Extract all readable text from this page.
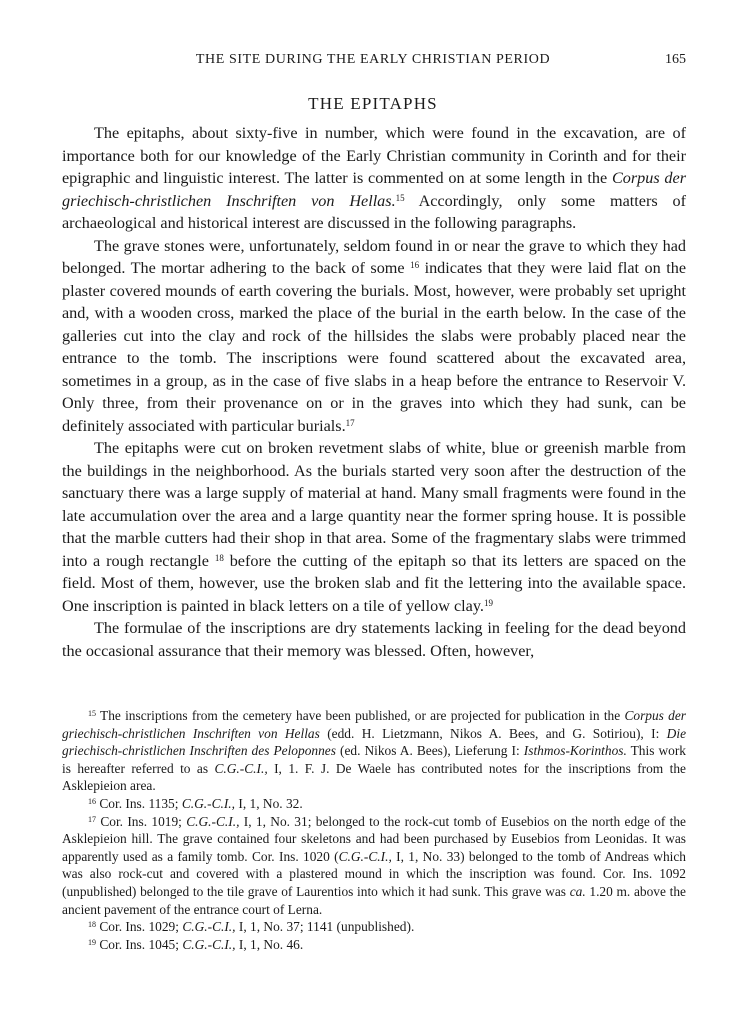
THE SITE DURING THE EARLY CHRISTIAN PERIOD	165
THE EPITAPHS

The epitaphs, about sixty-five in number, which were found in the excavation, are of importance both for our knowledge of the Early Christian community in Corinth and for their epigraphic and linguistic interest. The latter is commented on at some length in the Corpus der griechisch-christlichen Inschriften von Hellas.$^{15}$ Accordingly, only some matters of archaeological and historical interest are discussed in the following paragraphs.

The grave stones were, unfortunately, seldom found in or near the grave to which they had belonged. The mortar adhering to the back of some $^{16}$ indicates that they were laid flat on the plaster covered mounds of earth covering the burials. Most, however, were probably set upright and, with a wooden cross, marked the place of the burial in the earth below. In the case of the galleries cut into the clay and rock of the hillsides the slabs were probably placed near the entrance to the tomb. The inscriptions were found scattered about the excavated area, sometimes in a group, as in the case of five slabs in a heap before the entrance to Reservoir V. Only three, from their provenance on or in the graves into which they had sunk, can be definitely associated with particular burials.$^{17}$

The epitaphs were cut on broken revetment slabs of white, blue or greenish marble from the buildings in the neighborhood. As the burials started very soon after the destruction of the sanctuary there was a large supply of material at hand. Many small fragments were found in the late accumulation over the area and a large quantity near the former spring house. It is possible that the marble cutters had their shop in that area. Some of the fragmentary slabs were trimmed into a rough rectangle $^{18}$ before the cutting of the epitaph so that its letters are spaced on the field. Most of them, however, use the broken slab and fit the lettering into the available space. One inscription is painted in black letters on a tile of yellow clay.$^{19}$

The formulae of the inscriptions are dry statements lacking in feeling for the dead beyond the occasional assurance that their memory was blessed. Often, however,

$^{15}$ The inscriptions from the cemetery have been published, or are projected for publication in the Corpus der griechisch-christlichen Inschriften von Hellas (edd. H. Lietzmann, Nikos A. Bees, and G. Sotiriou), I: Die griechisch-christlichen Inschriften des Peloponnes (ed. Nikos A. Bees), Lieferung I: Isthmos-Korinthos. This work is hereafter referred to as C.G.-C.I., I, 1. F. J. De Waele has contributed notes for the inscriptions from the Asklepieion area.

$^{16}$ Cor. Ins. 1135; C.G.-C.I., I, 1, No. 32.

$^{17}$ Cor. Ins. 1019; C.G.-C.I., I, 1, No. 31; belonged to the rock-cut tomb of Eusebios on the north edge of the Asklepieion hill. The grave contained four skeletons and had been purchased by Eusebios from Leonidas. It was apparently used as a family tomb. Cor. Ins. 1020 (C.G.-C.I., I, 1, No. 33) belonged to the tomb of Andreas which was also rock-cut and covered with a plastered mound in which the inscription was found. Cor. Ins. 1092 (unpublished) belonged to the tile grave of Laurentios into which it had sunk. This grave was ca. 1.20 m. above the ancient pavement of the entrance court of Lerna.

$^{18}$ Cor. Ins. 1029; C.G.-C.I., I, 1, No. 37; 1141 (unpublished).

$^{19}$ Cor. Ins. 1045; C.G.-C.I., I, 1, No. 46.
